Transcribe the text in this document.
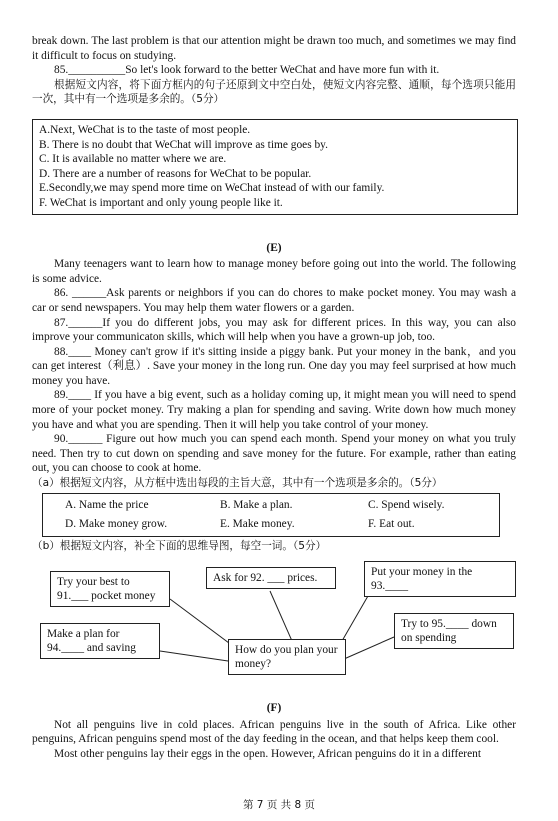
break down. The last problem is that our attention might be drawn too much, and sometimes we may find it difficult to focus on studying.

85.__________So let's look forward to the better WeChat and have more fun with it.

根据短文内容，将下面方框内的句子还原到文中空白处，使短文内容完整、通顺，每个选项只能用一次，其中有一个选项是多余的。（5分）

A.Next, WeChat is to the taste of most people.

B. There is no doubt that WeChat will improve as time goes by.

C. It is available no matter where we are.

D. There are a number of reasons for WeChat to be popular.

E.Secondly,we may spend more time on WeChat instead of with our family.

F. WeChat is important and only young people like it.

(E)

Many teenagers want to learn how to manage money before going out into the world. The following is some advice.

86. ______Ask parents or neighbors if you can do chores to make pocket money. You may wash a car or send newspapers. You may help them water flowers or a garden.

87.______If you do different jobs, you may ask for different prices. In this way, you can also improve your communicaton skills, which will help when you have a grown-up job, too.

88.____ Money can't grow if it's sitting inside a piggy bank. Put your money in the bank，and you can get interest（利息）. Save your money in the long run. One day you may feel surprised at how much money you have.

89.____ If you have a big event, such as a holiday coming up, it might mean you will need to spend more of your pocket money. Try making a plan for spending and saving. Write down how much money you have and what you are spending. Then it will help you take control of your money.

90.______ Figure out how much you can spend each month. Spend your money on what you truly need. Then try to cut down on spending and save money for the future. For example, rather than eating out, you can choose to cook at home.

（a）根据短文内容，从方框中选出每段的主旨大意，其中有一个选项是多余的。（5分）

A. Name the price	B. Make a plan.	C. Spend wisely.
D. Make money grow.	E. Make money.	F. Eat out.

（b）根据短文内容，补全下面的思维导图，每空一词。（5分）

Try your best to 91.___ pocket money
Ask for 92. ___ prices.	Put your money in the 93.____
Make a plan for 94.____ and saving	How do you plan your money?
Try to 95.____ down on spending

(F)

Not all penguins live in cold places. African penguins live in the south of Africa. Like other penguins, African penguins spend most of the day feeding in the ocean, and that helps keep them cool.

Most other penguins lay their eggs in the open. However, African penguins do it in a different

第 7 页 共 8 页
